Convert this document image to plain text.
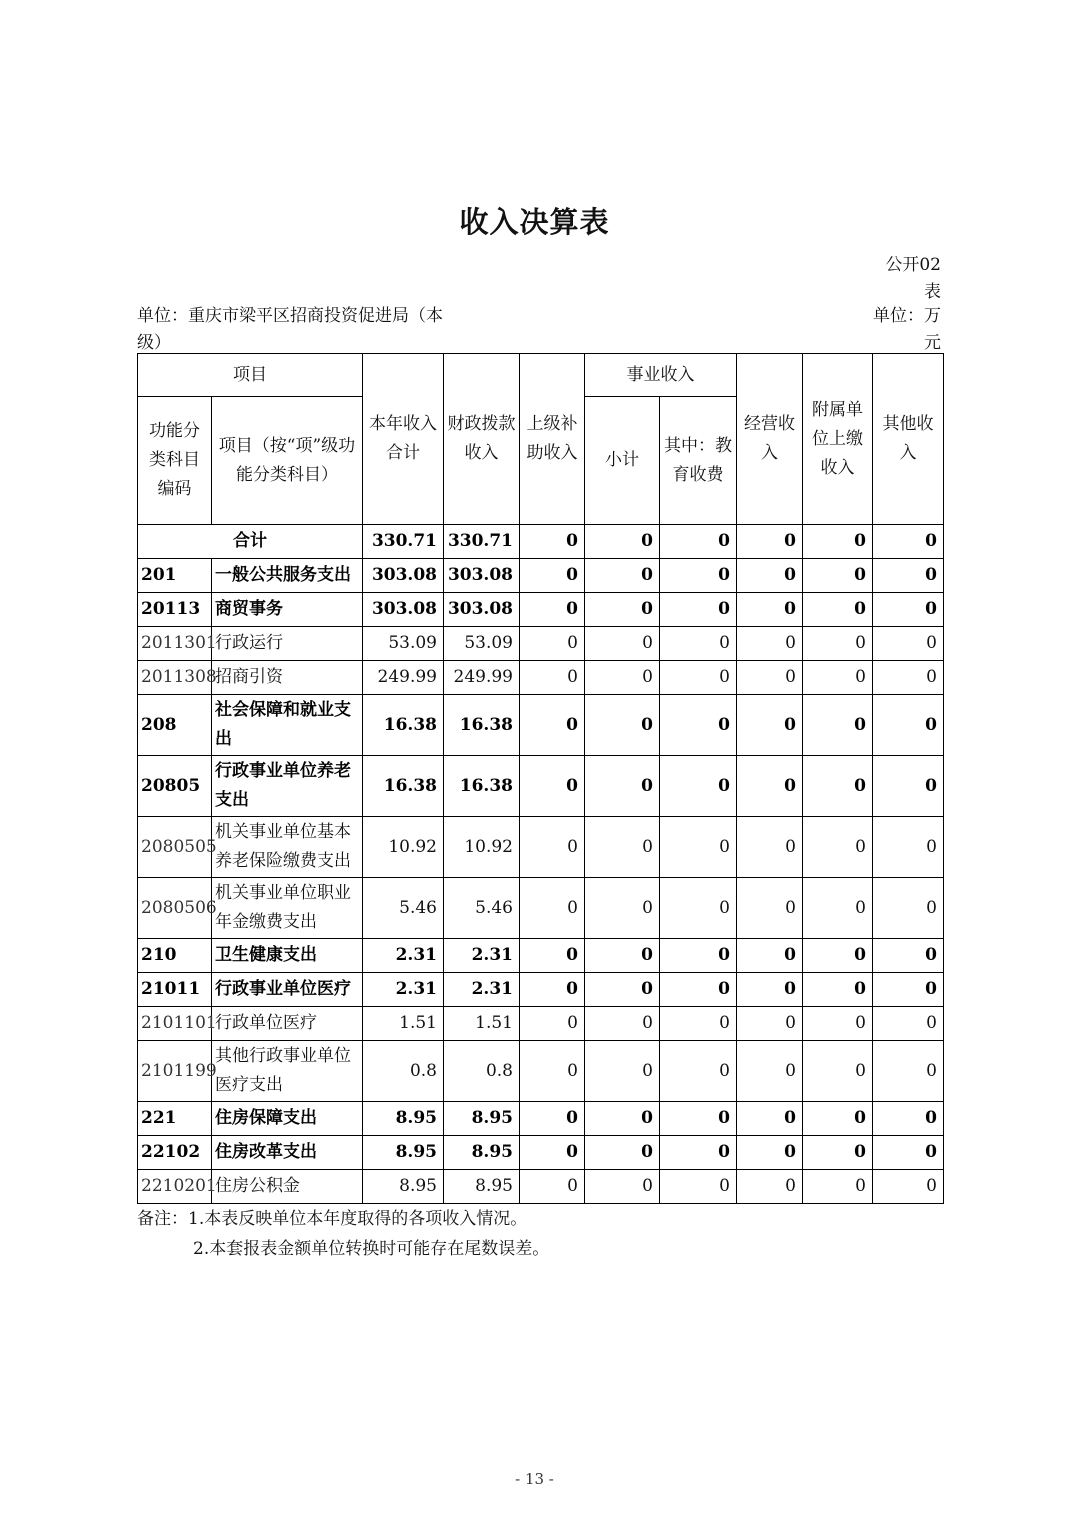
收入决算表
公开02表
单位：重庆市梁平区招商投资促进局（本级）
单位：万元
项目		本年收入合计	财政拨款收入	上级补助收入	事业收入		经营收入	附属单位上缴收入	其他收入
功能分类科目编码	项目（按“项”级功能分类科目）				小计	其中：教育收费			
合计		330.71	330.71	0	0	0	0	0	0
201	一般公共服务支出	303.08	303.08	0	0	0	0	0	0
20113	商贸事务	303.08	303.08	0	0	0	0	0	0
2011301	行政运行	53.09	53.09	0	0	0	0	0	0
2011308	招商引资	249.99	249.99	0	0	0	0	0	0
208	社会保障和就业支出	16.38	16.38	0	0	0	0	0	0
20805	行政事业单位养老支出	16.38	16.38	0	0	0	0	0	0
2080505	机关事业单位基本养老保险缴费支出	10.92	10.92	0	0	0	0	0	0
2080506	机关事业单位职业年金缴费支出	5.46	5.46	0	0	0	0	0	0
210	卫生健康支出	2.31	2.31	0	0	0	0	0	0
21011	行政事业单位医疗	2.31	2.31	0	0	0	0	0	0
2101101	行政单位医疗	1.51	1.51	0	0	0	0	0	0
2101199	其他行政事业单位医疗支出	0.8	0.8	0	0	0	0	0	0
221	住房保障支出	8.95	8.95	0	0	0	0	0	0
22102	住房改革支出	8.95	8.95	0	0	0	0	0	0
2210201	住房公积金	8.95	8.95	0	0	0	0	0	0
备注：1.本表反映单位本年度取得的各项收入情况。
2.本套报表金额单位转换时可能存在尾数误差。
- 13 -
